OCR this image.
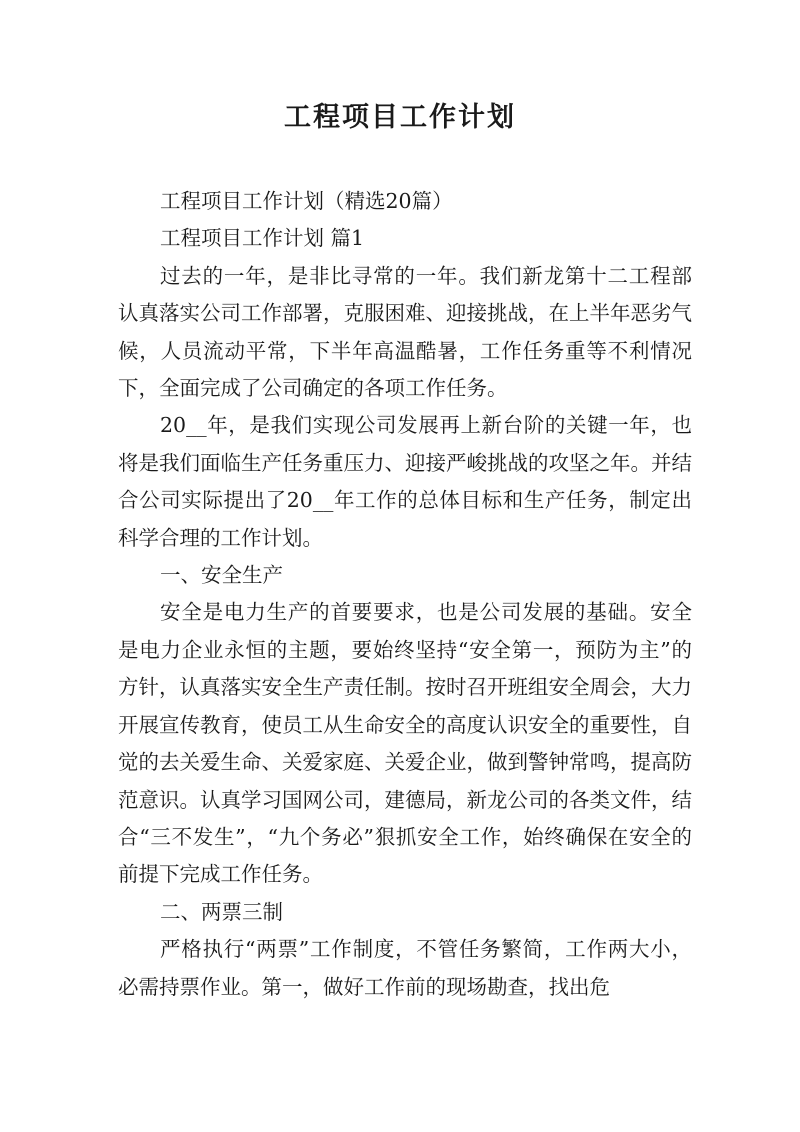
工程项目工作计划

工程项目工作计划（精选20篇）

工程项目工作计划 篇1

过去的一年，是非比寻常的一年。我们新龙第十二工程部认真落实公司工作部署，克服困难、迎接挑战，在上半年恶劣气候，人员流动平常，下半年高温酷暑，工作任务重等不利情况下，全面完成了公司确定的各项工作任务。

20__年，是我们实现公司发展再上新台阶的关键一年，也将是我们面临生产任务重压力、迎接严峻挑战的攻坚之年。并结合公司实际提出了20__年工作的总体目标和生产任务，制定出科学合理的工作计划。

一、安全生产

安全是电力生产的首要要求，也是公司发展的基础。安全是电力企业永恒的主题，要始终坚持“安全第一，预防为主”的方针，认真落实安全生产责任制。按时召开班组安全周会，大力开展宣传教育，使员工从生命安全的高度认识安全的重要性，自觉的去关爱生命、关爱家庭、关爱企业，做到警钟常鸣，提高防范意识。认真学习国网公司，建德局，新龙公司的各类文件，结合“三不发生”，“九个务必”狠抓安全工作，始终确保在安全的前提下完成工作任务。

二、两票三制

严格执行“两票”工作制度，不管任务繁简，工作两大小，必需持票作业。第一，做好工作前的现场勘查，找出危
